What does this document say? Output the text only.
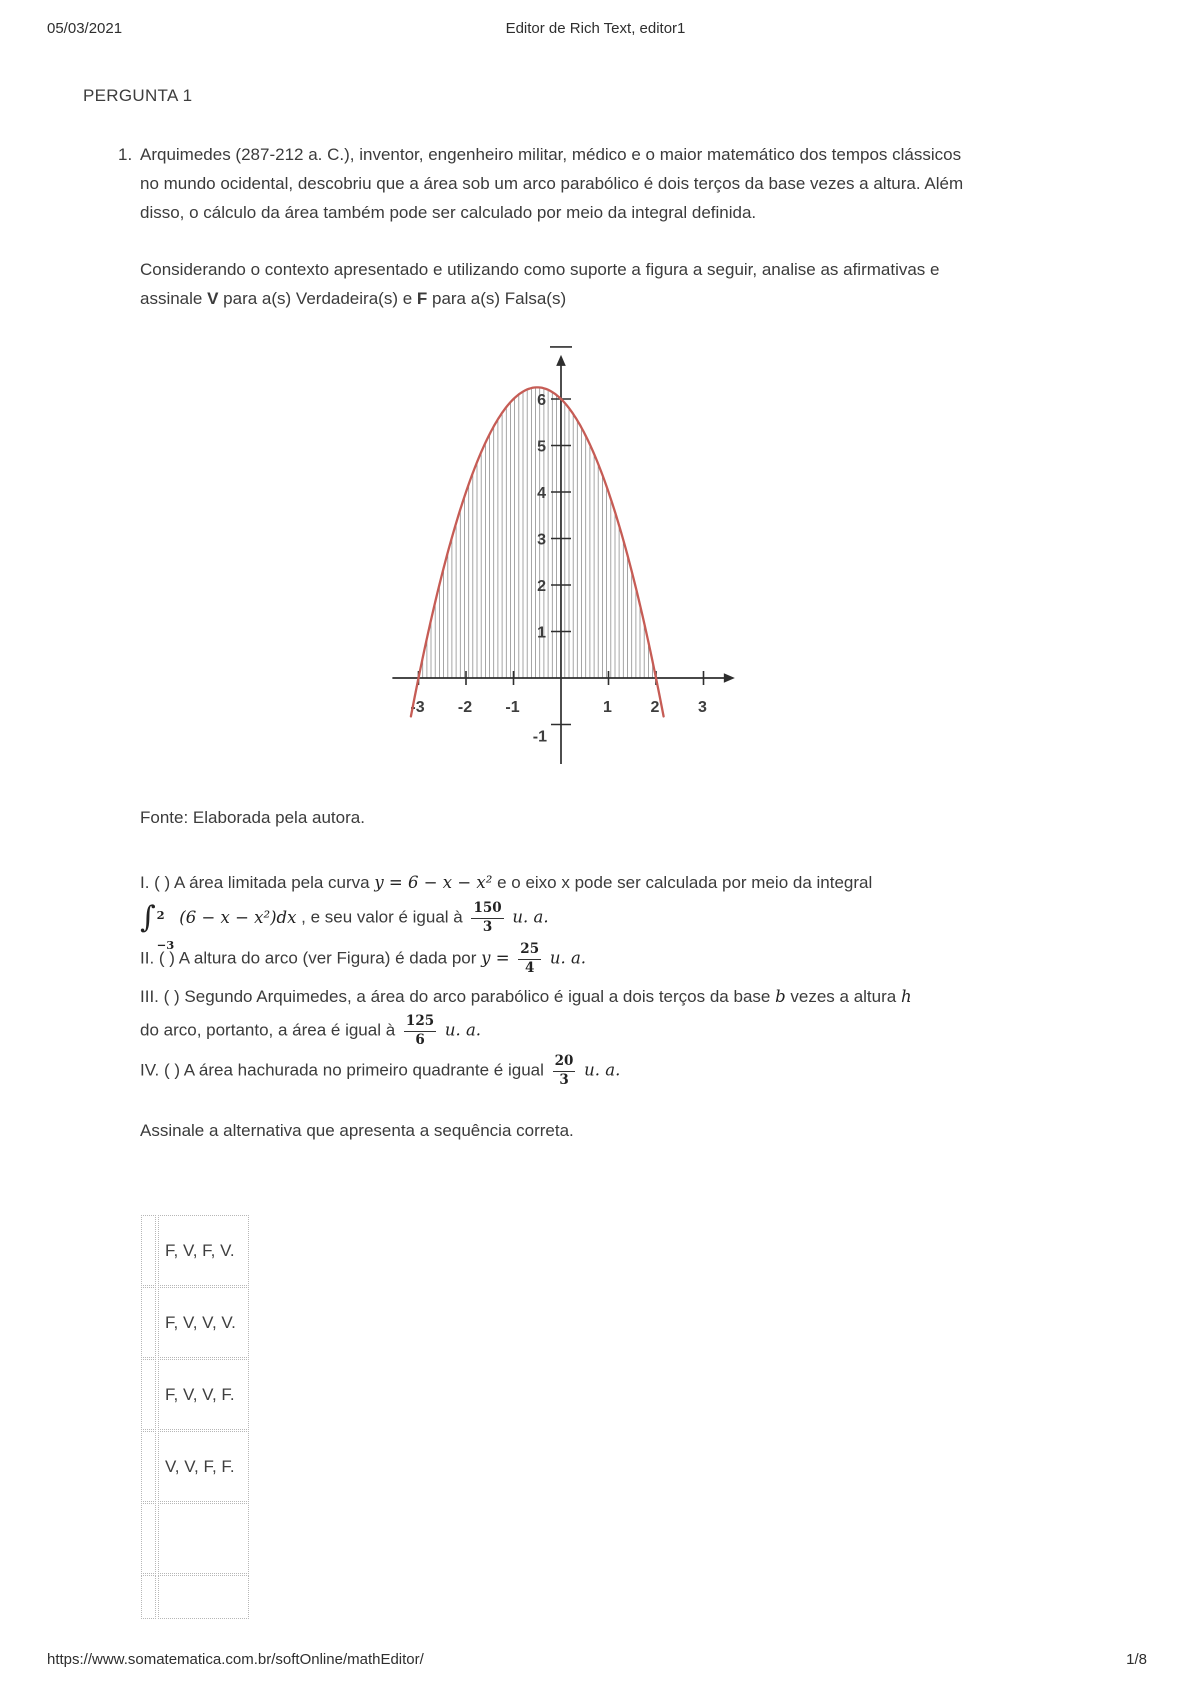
05/03/2021	Editor de Rich Text, editor1
PERGUNTA 1
1. Arquimedes (287-212 a. C.), inventor, engenheiro militar, médico e o maior matemático dos tempos clássicos no mundo ocidental, descobriu que a área sob um arco parabólico é dois terços da base vezes a altura. Além disso, o cálculo da área também pode ser calculado por meio da integral definida.

Considerando o contexto apresentado e utilizando como suporte a figura a seguir, analise as afirmativas e assinale V para a(s) Verdadeira(s) e F para a(s) Falsa(s)

-3 -2 -1	1 2 3
1
2
3
4
5
6
-1

Fonte: Elaborada pela autora.

I. ( ) A área limitada pela curva y = 6 − x − x² e o eixo x pode ser calculada por meio da integral
∫ 2
−3
(6 − x − x²)dx , e seu valor é igual à $\frac{150}{3} u$. a.
II. ( ) A altura do arco (ver Figura) é dada por $y = \frac{25}{4} u$. a.
III. ( ) Segundo Arquimedes, a área do arco parabólico é igual a dois terços da base b vezes a altura h
do arco, portanto, a área é igual à $\frac{125}{6} u$. a.
IV. ( ) A área hachurada no primeiro quadrante é igual $\frac{20}{3} u$. a.

Assinale a alternativa que apresenta a sequência correta.

F, V, F, V.
F, V, V, V.
F, V, V, F.
V, V, F, F.
https://www.somatematica.com.br/softOnline/mathEditor/	1/8
